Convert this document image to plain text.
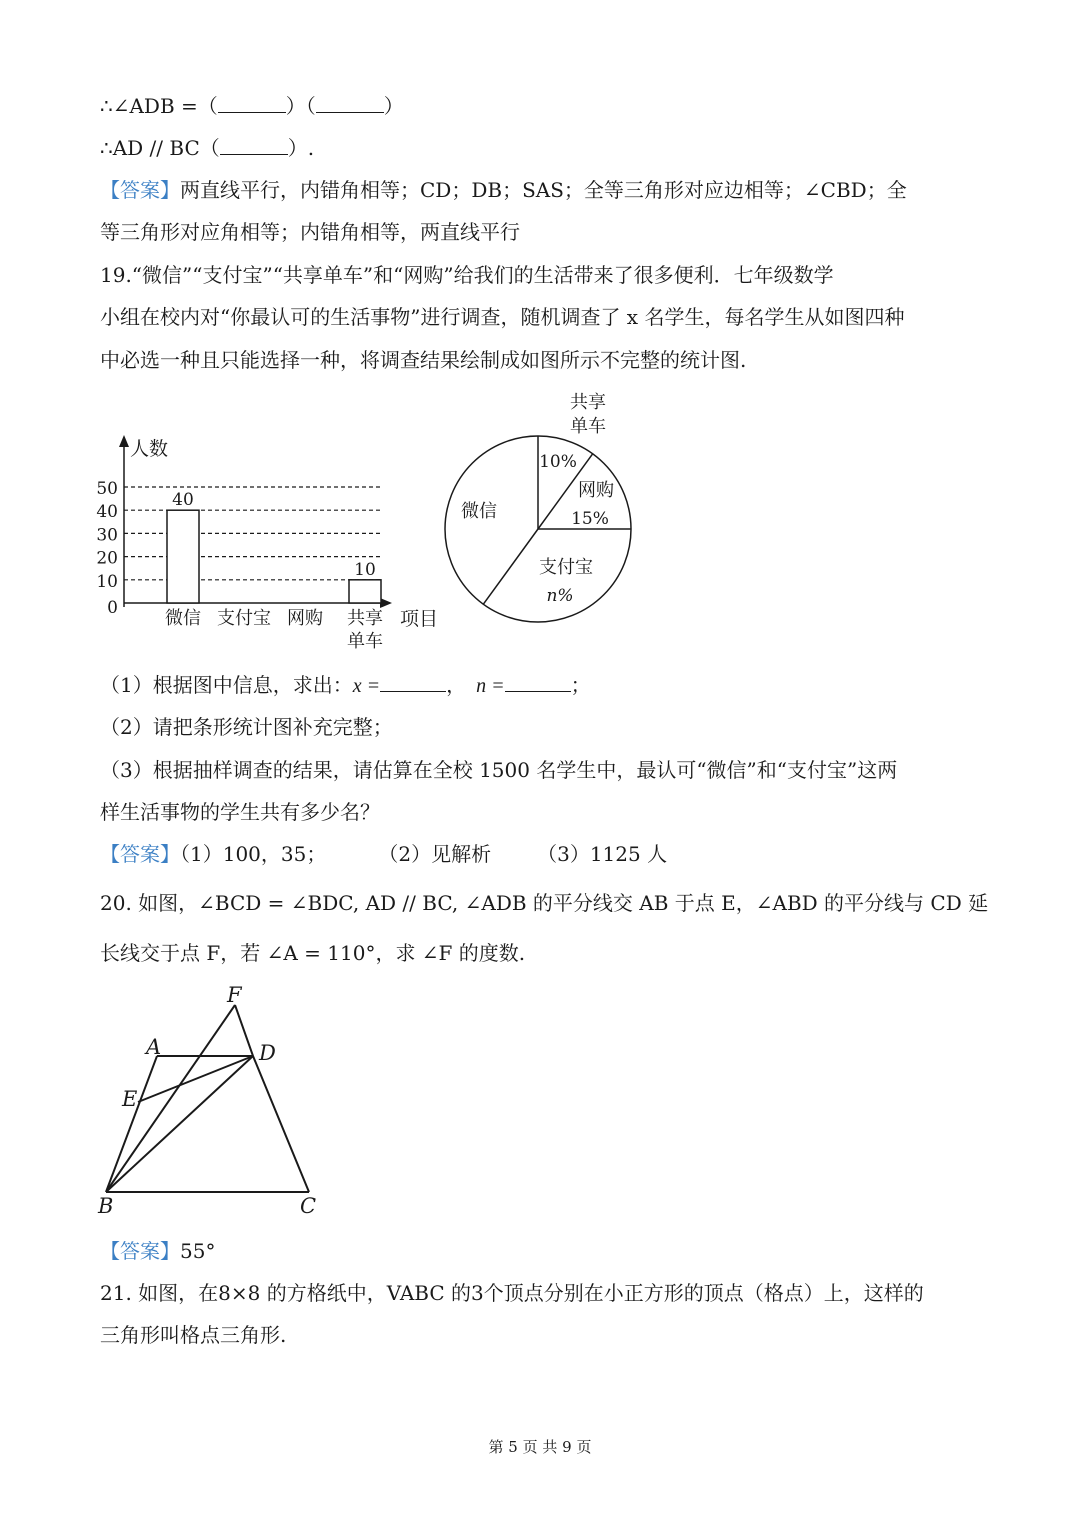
∴∠ADB =（	）（	）
∴AD // BC（	）.
【答案】两直线平行，内错角相等；CD；DB；SAS；全等三角形对应边相等；∠CBD；全
等三角形对应角相等；内错角相等，两直线平行
19.“微信”“支付宝”“共享单车”和“网购”给我们的生活带来了很多便利．七年级数学
小组在校内对“你最认可的生活事物”进行调查，随机调查了 x 名学生，每名学生从如图四种
中必选一种且只能选择一种，将调查结果绘制成如图所示不完整的统计图.
人数
项目
0
10
20
30
40
50
40
微信 支付宝 网购
10
共享
单车
共享
单车
10%
网购
15%
支付宝
n%
微信
（1）根据图中信息，求出：x =	， n =	；
（2）请把条形统计图补充完整；
（3）根据抽样调查的结果，请估算在全校 1500 名学生中，最认可“微信”和“支付宝”这两
样生活事物的学生共有多少名？
【答案】（1）100，35；	（2）见解析 （3）1125 人
20. 如图，∠BCD = ∠BDC, AD // BC, ∠ADB 的平分线交 AB 于点 E，∠ABD 的平分线与 CD 延
长线交于点 F，若 ∠A = 110°，求 ∠F 的度数.
F
A	D
E
B	C
【答案】55°
21. 如图，在8×8 的方格纸中，VABC 的3个顶点分别在小正方形的顶点（格点）上，这样的
三角形叫格点三角形.
第 5 页 共 9 页
